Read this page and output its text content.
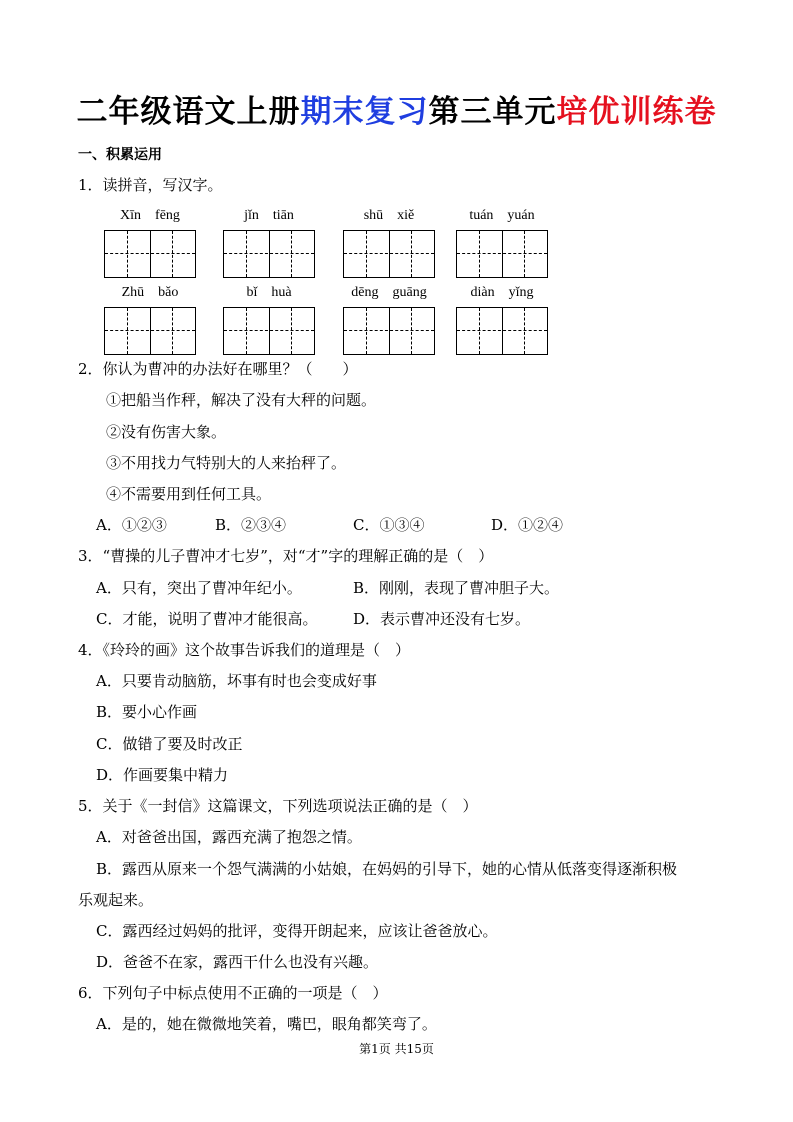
二年级语文上册期末复习第三单元培优训练卷
一、积累运用
1．读拼音，写汉字。
Xīn    fēng	jǐn    tiān	shū    xiě	tuán    yuán
Zhū    bǎo	bǐ    huà	dēng    guāng	diàn    yǐng
2．你认为曹冲的办法好在哪里？（　　）
①把船当作秤，解决了没有大秤的问题。
②没有伤害大象。
③不用找力气特别大的人来抬秤了。
④不需要用到任何工具。
A．①②③	B．②③④	C．①③④	D．①②④
3．“曹操的儿子曹冲才七岁”，对“才”字的理解正确的是（　）
A．只有，突出了曹冲年纪小。	B．刚刚，表现了曹冲胆子大。
C．才能，说明了曹冲才能很高。 D．表示曹冲还没有七岁。
4．《玲玲的画》这个故事告诉我们的道理是（　）
A．只要肯动脑筋，坏事有时也会变成好事
B．要小心作画
C．做错了要及时改正
D．作画要集中精力
5．关于《一封信》这篇课文，下列选项说法正确的是（　）
A．对爸爸出国，露西充满了抱怨之情。
B．露西从原来一个怨气满满的小姑娘，在妈妈的引导下，她的心情从低落变得逐渐积极
乐观起来。
C．露西经过妈妈的批评，变得开朗起来，应该让爸爸放心。
D．爸爸不在家，露西干什么也没有兴趣。
6．下列句子中标点使用不正确的一项是（　）
A．是的，她在微微地笑着，嘴巴，眼角都笑弯了。
第1页 共15页
